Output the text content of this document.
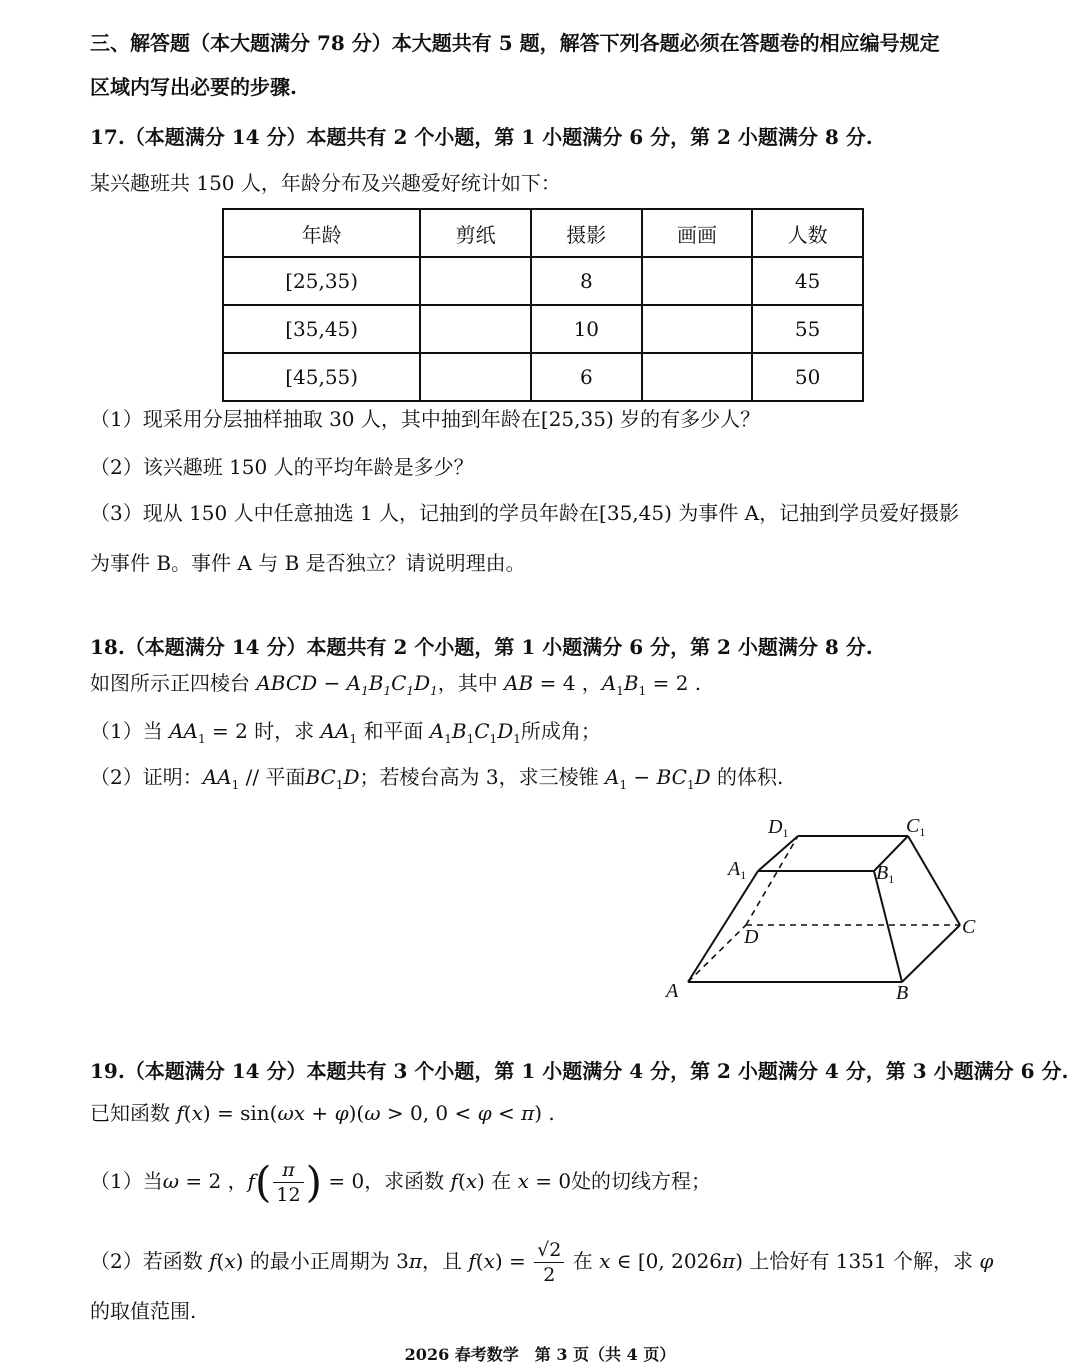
三、解答题（本大题满分 78 分）本大题共有 5 题，解答下列各题必须在答题卷的相应编号规定
区域内写出必要的步骤.
17.（本题满分 14 分）本题共有 2 个小题，第 1 小题满分 6 分，第 2 小题满分 8 分.
某兴趣班共 150 人，年龄分布及兴趣爱好统计如下：
年龄	剪纸	摄影	画画	人数
[25,35)		8		45
[35,45)		10		55
[45,55)		6		50
（1）现采用分层抽样抽取 30 人，其中抽到年龄在[25,35) 岁的有多少人？
（2）该兴趣班 150 人的平均年龄是多少？
（3）现从 150 人中任意抽选 1 人，记抽到的学员年龄在[35,45) 为事件 A，记抽到学员爱好摄影
为事件 B。事件 A 与 B 是否独立？请说明理由。
18.（本题满分 14 分）本题共有 2 个小题，第 1 小题满分 6 分，第 2 小题满分 8 分.
如图所示正四棱台 ABCD − $A_1B_1C_1D_1$，其中 AB = 4 ，$A_1B_1 = 2$ .
（1）当 $AA_1 = 2$ 时，求 $AA_1$ 和平面 $A_1B_1C_1D_1$所成角；
（2）证明：$AA_1$ // 平面$BC_1D$；若棱台高为 3，求三棱锥 $A_1 - BC_1D$ 的体积.
$D_1$	$C_1$
$A_1$	$B_1$
D	C
A	B
19.（本题满分 14 分）本题共有 3 个小题，第 1 小题满分 4 分，第 2 小题满分 4 分，第 3 小题满分 6 分.
已知函数 f(x) = sin(ωx + φ)(ω > 0, 0 < φ < π) .
（1）当ω = 2 ，$f( \frac{\pi}{12}$ ) = 0，求函数 f(x) 在 x = 0处的切线方程；
（2）若函数 f(x) 的最小正周期为 3π，且 $f(x) = \frac{√2}{2}$ 在 x ∈ [0, 2026π) 上恰好有 1351 个解，求 φ
的取值范围.
2026 春考数学　第 3 页（共 4 页）
